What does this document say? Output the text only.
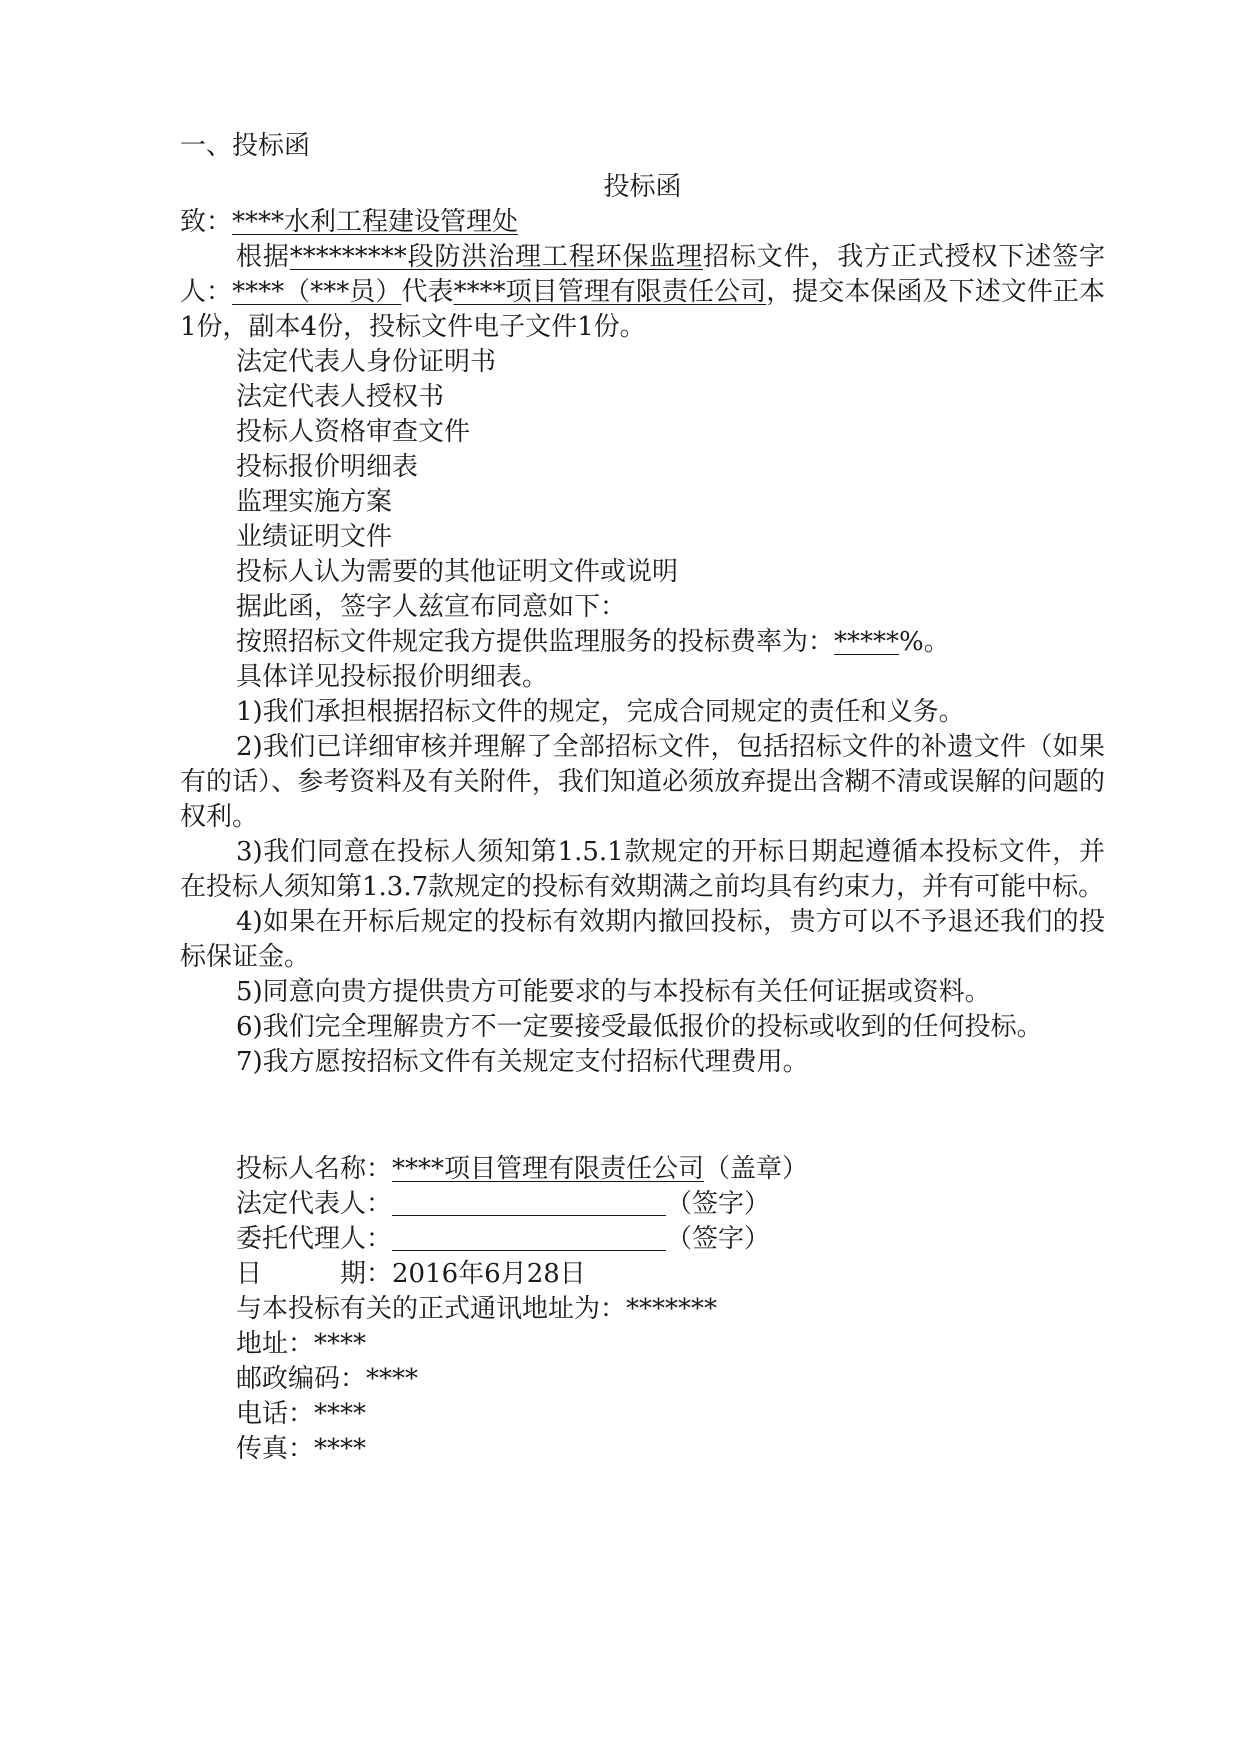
一、投标函
投标函
致：****水利工程建设管理处

根据*********段防洪治理工程环保监理招标文件，我方正式授权下述签字人：****（***员）代表****项目管理有限责任公司，提交本保函及下述文件正本1份，副本4份，投标文件电子文件1份。

法定代表人身份证明书
法定代表人授权书
投标人资格审查文件
投标报价明细表
监理实施方案
业绩证明文件
投标人认为需要的其他证明文件或说明
据此函，签字人兹宣布同意如下：
按照招标文件规定我方提供监理服务的投标费率为：*****%。
具体详见投标报价明细表。

1)我们承担根据招标文件的规定，完成合同规定的责任和义务。

2)我们已详细审核并理解了全部招标文件，包括招标文件的补遗文件（如果有的话）、参考资料及有关附件，我们知道必须放弃提出含糊不清或误解的问题的权利。

3)我们同意在投标人须知第1.5.1款规定的开标日期起遵循本投标文件，并在投标人须知第1.3.7款规定的投标有效期满之前均具有约束力，并有可能中标。

4)如果在开标后规定的投标有效期内撤回投标，贵方可以不予退还我们的投标保证金。

5)同意向贵方提供贵方可能要求的与本投标有关任何证据或资料。

6)我们完全理解贵方不一定要接受最低报价的投标或收到的任何投标。

7)我方愿按招标文件有关规定支付招标代理费用。

投标人名称：****项目管理有限责任公司（盖章）
法定代表人：	（签字）
委托代理人：	（签字）
日　　　期：2016年6月28日
与本投标有关的正式通讯地址为：*******
地址：****
邮政编码：****
电话：****
传真：****
